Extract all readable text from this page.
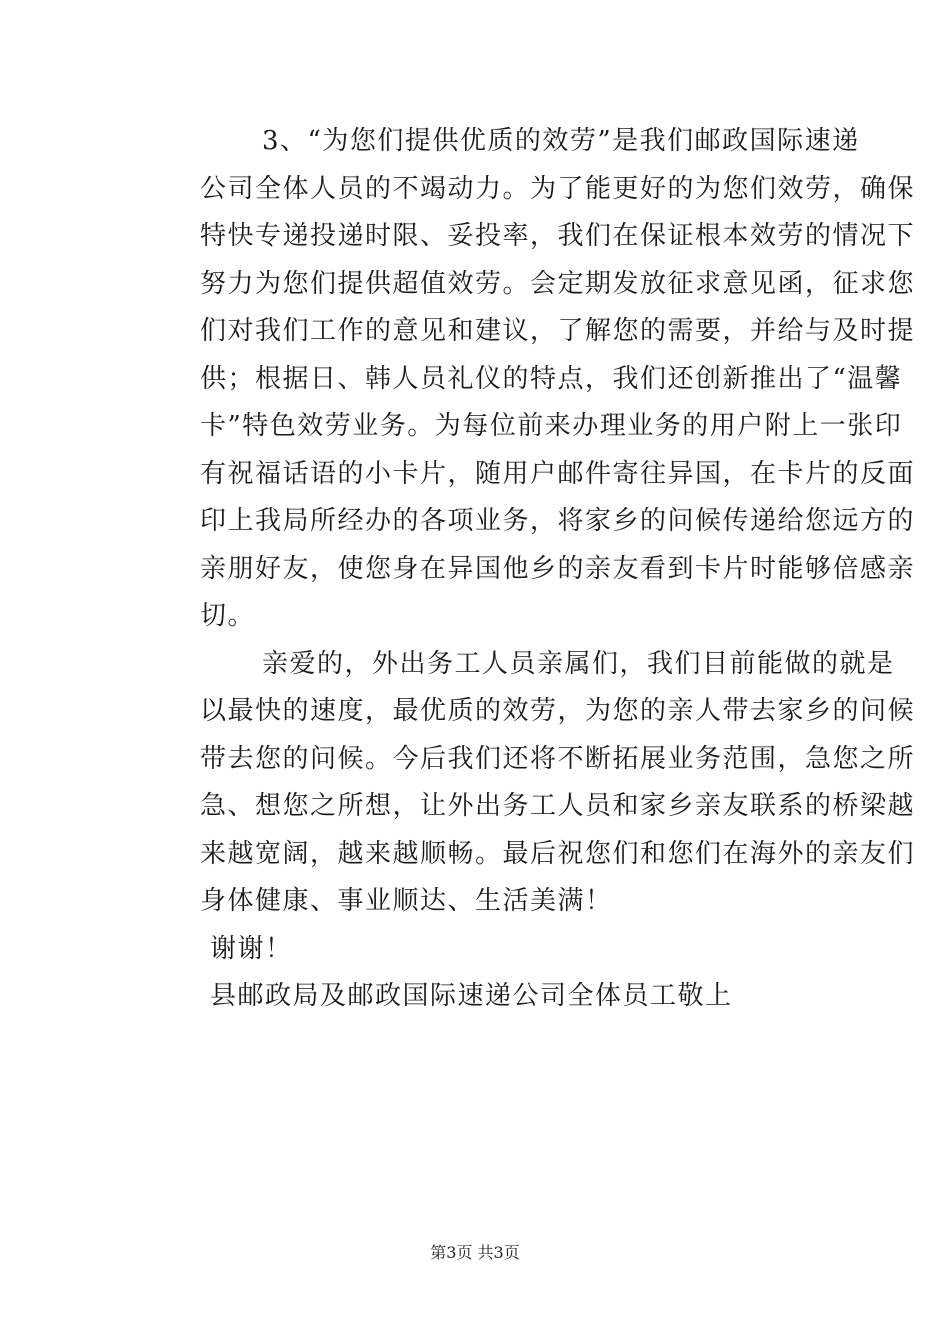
3、“为您们提供优质的效劳”是我们邮政国际速递
公司全体人员的不竭动力。为了能更好的为您们效劳，确保
特快专递投递时限、妥投率，我们在保证根本效劳的情况下
努力为您们提供超值效劳。会定期发放征求意见函，征求您
们对我们工作的意见和建议，了解您的需要，并给与及时提
供；根据日、韩人员礼仪的特点，我们还创新推出了“温馨
卡”特色效劳业务。为每位前来办理业务的用户附上一张印
有祝福话语的小卡片，随用户邮件寄往异国，在卡片的反面
印上我局所经办的各项业务，将家乡的问候传递给您远方的
亲朋好友，使您身在异国他乡的亲友看到卡片时能够倍感亲
切。
亲爱的，外出务工人员亲属们，我们目前能做的就是
以最快的速度，最优质的效劳，为您的亲人带去家乡的问候
带去您的问候。今后我们还将不断拓展业务范围，急您之所
急、想您之所想，让外出务工人员和家乡亲友联系的桥梁越
来越宽阔，越来越顺畅。最后祝您们和您们在海外的亲友们
身体健康、事业顺达、生活美满！

谢谢！

县邮政局及邮政国际速递公司全体员工敬上

第3页 共3页
